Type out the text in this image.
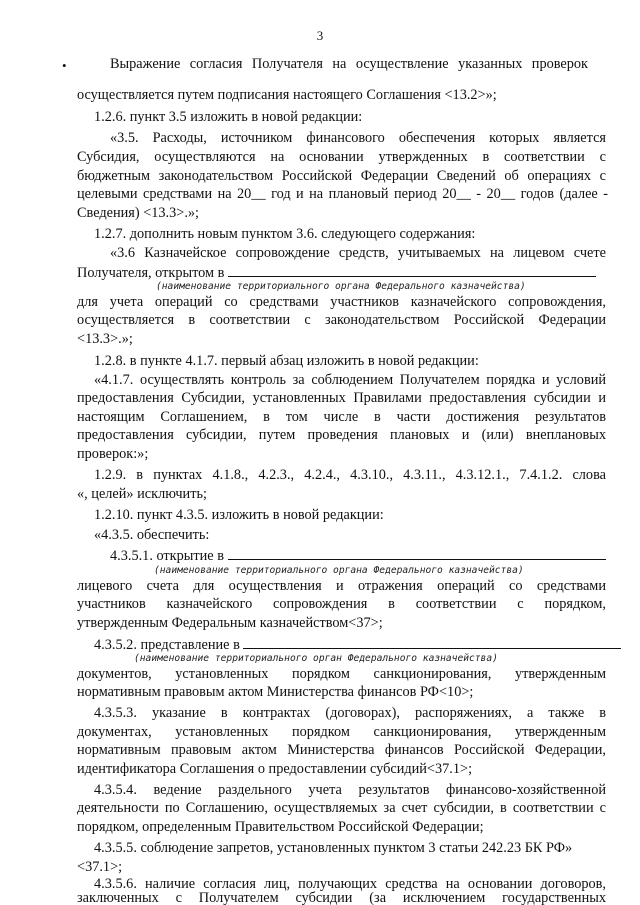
3
•	Выражение согласия Получателя на осуществление указанных проверок
осуществляется путем подписания настоящего Соглашения <13.2>»;
1.2.6. пункт 3.5 изложить в новой редакции:
«3.5. Расходы, источником финансового обеспечения которых является
Субсидия, осуществляются на основании утвержденных в соответствии с
бюджетным законодательством Российской Федерации Сведений об операциях с
целевыми средствами на 20__ год и на плановый период 20__ - 20__ годов (далее -
Сведения) <13.3>.»;
1.2.7. дополнить новым пунктом 3.6. следующего содержания:
«3.6 Казначейское сопровождение средств, учитываемых на лицевом счете
Получателя, открытом в
(наименование территориального органа Федерального казначейства)
для учета операций со средствами участников казначейского сопровождения,
осуществляется в соответствии с законодательством Российской Федерации
<13.3>.»;
1.2.8. в пункте 4.1.7. первый абзац изложить в новой редакции:
«4.1.7. осуществлять контроль за соблюдением Получателем порядка и условий
предоставления Субсидии, установленных Правилами предоставления субсидии и
настоящим Соглашением, в том числе в части достижения результатов
предоставления субсидии, путем проведения плановых и (или) внеплановых
проверок:»;
1.2.9. в пунктах 4.1.8., 4.2.3., 4.2.4., 4.3.10., 4.3.11., 4.3.12.1., 7.4.1.2. слова
«, целей» исключить;
1.2.10. пункт 4.3.5. изложить в новой редакции:
«4.3.5. обеспечить:
4.3.5.1. открытие в
(наименование территориального органа Федерального казначейства)
лицевого счета для осуществления и отражения операций со средствами
участников казначейского сопровождения в соответствии с порядком,
утвержденным Федеральным казначейством<37>;
4.3.5.2. представление в
(наименование территориального орган Федерального казначейства)
документов, установленных порядком санкционирования, утвержденным
нормативным правовым актом Министерства финансов РФ<10>;
4.3.5.3. указание в контрактах (договорах), распоряжениях, а также в
документах, установленных порядком санкционирования, утвержденным
нормативным правовым актом Министерства финансов Российской Федерации,
идентификатора Соглашения о предоставлении субсидий<37.1>;
4.3.5.4. ведение раздельного учета результатов финансово-хозяйственной
деятельности по Соглашению, осуществляемых за счет субсидии, в соответствии с
порядком, определенным Правительством Российской Федерации;
4.3.5.5. соблюдение запретов, установленных пунктом 3 статьи 242.23 БК РФ»
<37.1>;
4.3.5.6. наличие согласия лиц, получающих средства на основании договоров,
заключенных с Получателем субсидии (за исключением государственных
